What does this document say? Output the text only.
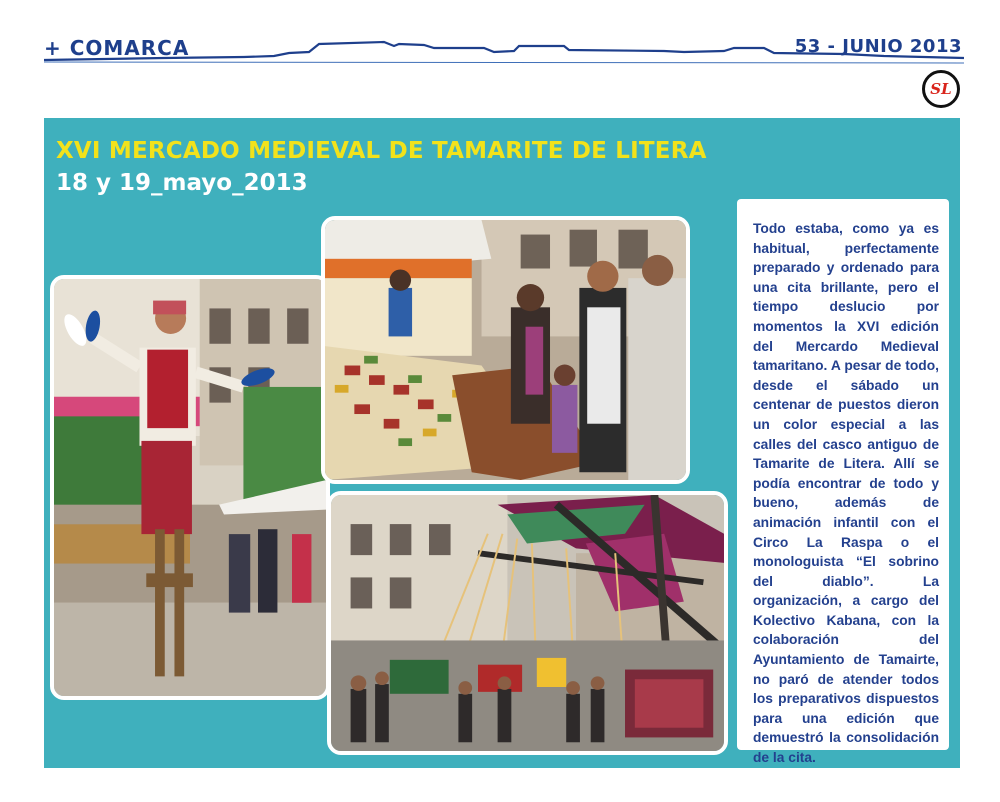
+ COMARCA	53 - JUNIO 2013
SL
XVI MERCADO MEDIEVAL DE TAMARITE DE LITERA
18 y 19_mayo_2013

Todo estaba, como ya es habitual, perfectamente preparado y ordenado para una cita brillante, pero el tiempo deslucio por momentos la XVI edición del Mercardo Medieval tamaritano. A pesar de todo, desde el sábado un centenar de puestos dieron un color especial a las calles del casco antiguo de Tamarite de Litera. Allí se podía encontrar de todo y bueno, además de animación infantil con el Circo La Raspa o el monologuista “El sobrino del diablo”. La organización, a cargo del Kolectivo Kabana, con la colaboración del Ayuntamiento de Tamairte, no paró de atender todos los preparativos dispuestos para una edición que demuestró la consolidación de la cita.
